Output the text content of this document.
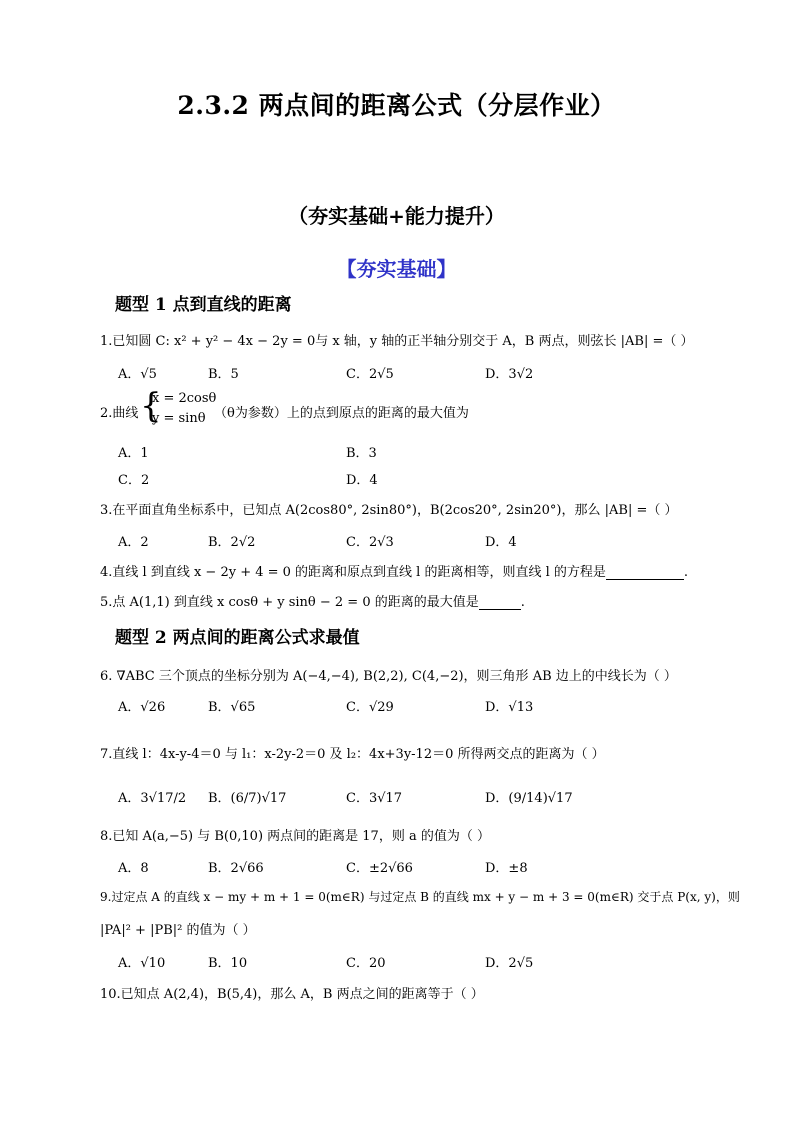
2.3.2 两点间的距离公式（分层作业）
（夯实基础+能力提升）
【夯实基础】
题型 1 点到直线的距离
1.已知圆 C: x² + y² − 4x − 2y = 0与 x 轴，y 轴的正半轴分别交于 A，B 两点，则弦长 |AB| =（ ）
A．√5	B．5	C．2√5	D．3√2
2.曲线 {
x = 2cosθ
y = sinθ （θ为参数）上的点到原点的距离的最大值为
A．1	B．3
C．2	D．4
3.在平面直角坐标系中，已知点 A(2cos80°, 2sin80°)，B(2cos20°, 2sin20°)，那么 |AB| =（ ）
A．2	B．2√2	C．2√3	D．4
4.直线 l 到直线 x − 2y + 4 = 0 的距离和原点到直线 l 的距离相等，则直线 l 的方程是	.
5.点 A(1,1) 到直线 x cosθ + y sinθ − 2 = 0 的距离的最大值是	.
题型 2 两点间的距离公式求最值
6. ∇ABC 三个顶点的坐标分别为 A(−4,−4), B(2,2), C(4,−2)，则三角形 AB 边上的中线长为（ ）
A．√26	B．√65	C．√29	D．√13
7.直线 l：4x-y-4＝0 与 l₁：x-2y-2＝0 及 l₂：4x+3y-12＝0 所得两交点的距离为（ ）
A．3√17/2 B．(6/7)√17	C．3√17	D．(9/14)√17
8.已知 A(a,−5) 与 B(0,10) 两点间的距离是 17，则 a 的值为（ ）
A．8	B．2√66	C．±2√66	D．±8
9.过定点 A 的直线 x − my + m + 1 = 0(m∈R) 与过定点 B 的直线 mx + y − m + 3 = 0(m∈R) 交于点 P(x, y)，则
|PA|² + |PB|² 的值为（ ）
A．√10	B．10	C．20	D．2√5
10.已知点 A(2,4)，B(5,4)，那么 A，B 两点之间的距离等于（ ）
